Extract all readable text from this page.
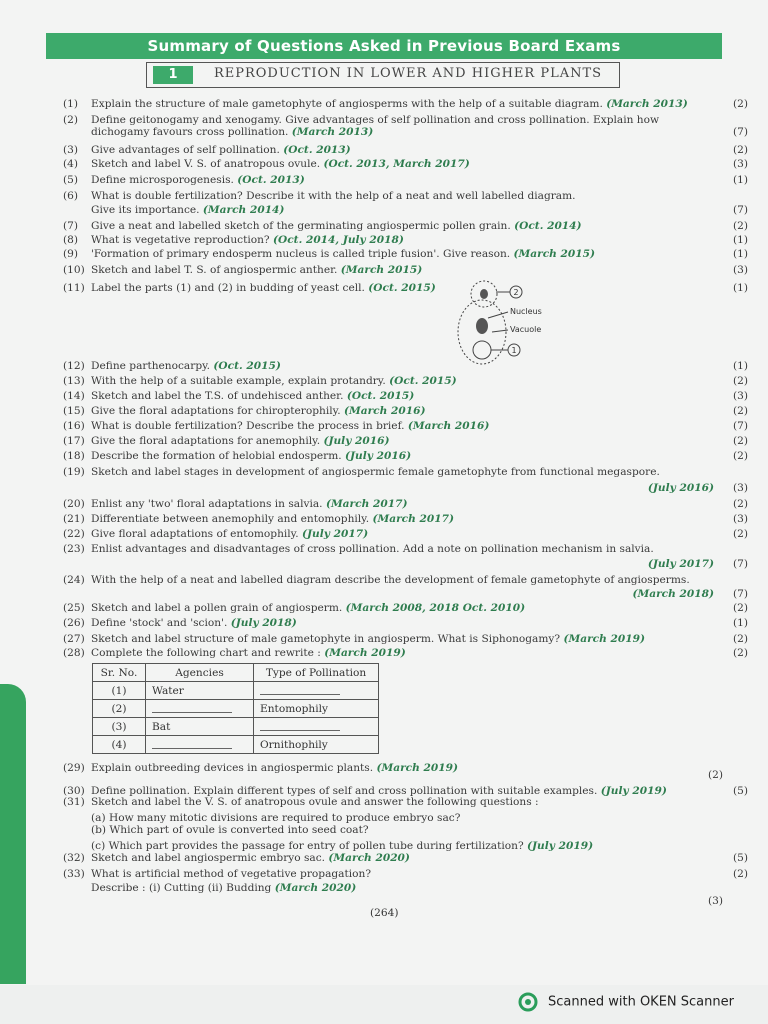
Summary of Questions Asked in Previous Board Exams
1	REPRODUCTION IN LOWER AND HIGHER PLANTS
(1) Explain the structure of male gametophyte of angiosperms with the help of a suitable diagram. (March 2013)	(2)
(2) Define geitonogamy and xenogamy. Give advantages of self pollination and cross pollination. Explain how
dichogamy favours cross pollination. (March 2013)	(7)
(3) Give advantages of self pollination. (Oct. 2013)	(2)
(4) Sketch and label V. S. of anatropous ovule. (Oct. 2013, March 2017)	(3)
(5) Define microsporogenesis. (Oct. 2013)	(1)
(6) What is double fertilization? Describe it with the help of a neat and well labelled diagram.
Give its importance. (March 2014)	(7)
(7) Give a neat and labelled sketch of the germinating angiospermic pollen grain. (Oct. 2014)	(2)
(8) What is vegetative reproduction? (Oct. 2014, July 2018)	(1)
(9) 'Formation of primary endosperm nucleus is called triple fusion'. Give reason. (March 2015)	(1)
(10) Sketch and label T. S. of angiospermic anther. (March 2015)	(3)
(11) Label the parts (1) and (2) in budding of yeast cell. (Oct. 2015)	(1)
(12) Define parthenocarpy. (Oct. 2015)	(1)
(13) With the help of a suitable example, explain protandry. (Oct. 2015)	(2)
(14) Sketch and label the T.S. of undehisced anther. (Oct. 2015)	(3)
(15) Give the floral adaptations for chiropterophily. (March 2016)	(2)
(16) What is double fertilization? Describe the process in brief. (March 2016)	(7)
(17) Give the floral adaptations for anemophily. (July 2016)	(2)
(18) Describe the formation of helobial endosperm. (July 2016)	(2)
(19) Sketch and label stages in development of angiospermic female gametophyte from functional megaspore.
(July 2016) (3)
(20) Enlist any 'two' floral adaptations in salvia. (March 2017)	(2)
(21) Differentiate between anemophily and entomophily. (March 2017)	(3)
(22) Give floral adaptations of entomophily. (July 2017)	(2)
(23) Enlist advantages and disadvantages of cross pollination. Add a note on pollination mechanism in salvia.
(July 2017) (7)
(24) With the help of a neat and labelled diagram describe the development of female gametophyte of angiosperms.
(March 2018) (7)
(25) Sketch and label a pollen grain of angiosperm. (March 2008, 2018 Oct. 2010)	(2)
(26) Define 'stock' and 'scion'. (July 2018)	(1)
(27) Sketch and label structure of male gametophyte in angiosperm. What is Siphonogamy? (March 2019)	(2)
(28) Complete the following chart and rewrite : (March 2019)	(2)
2
Nucleus
Vacuole
1
Sr. No.	Agencies	Type of Pollination
(1)	Water	
(2)		Entomophily
(3)	Bat	
(4)		Ornithophily
(29) Explain outbreeding devices in angiospermic plants. (March 2019)
(30) Define pollination. Explain different types of self and cross pollination with suitable examples. (July 2019)	(5)
(31) Sketch and label the V. S. of anatropous ovule and answer the following questions :
(a) How many mitotic divisions are required to produce embryo sac?
(b) Which part of ovule is converted into seed coat?
(c) Which part provides the passage for entry of pollen tube during fertilization? (July 2019)
(32) Sketch and label angiospermic embryo sac. (March 2020)	(5)
(33) What is artificial method of vegetative propagation?	(2)
Describe : (i) Cutting (ii) Budding (March 2020)
(2)
(3)
(264)
Scanned with OKEN Scanner
